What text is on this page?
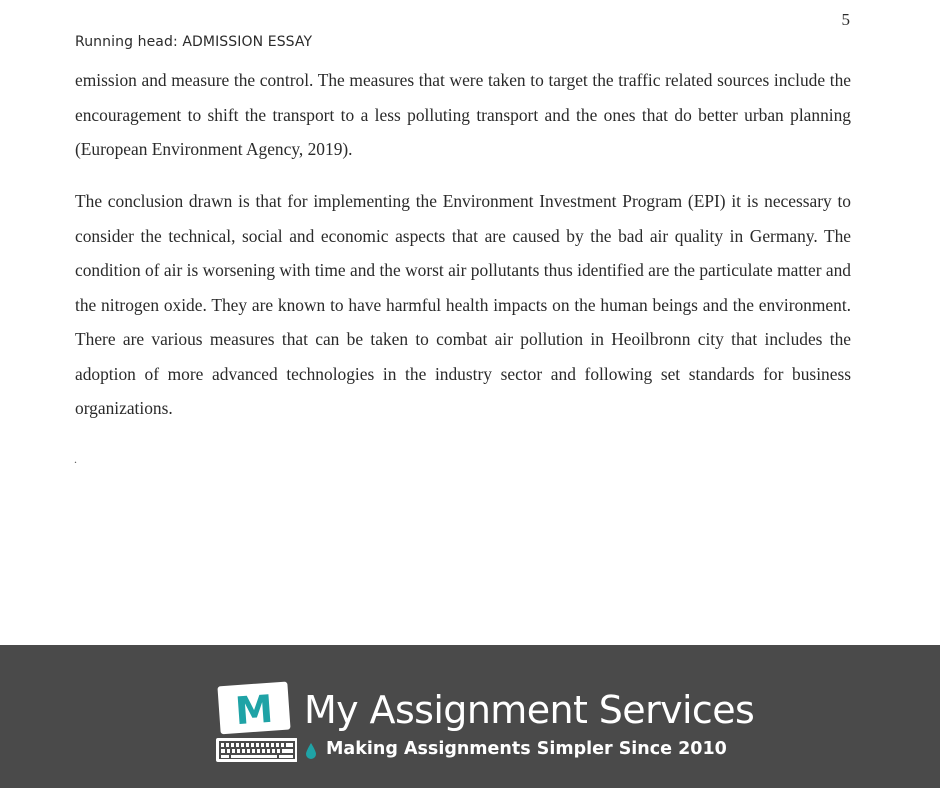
5
Running head: ADMISSION ESSAY

emission and measure the control. The measures that were taken to target the traffic related sources include the encouragement to shift the transport to a less polluting transport and the ones that do better urban planning (European Environment Agency, 2019).

The conclusion drawn is that for implementing the Environment Investment Program (EPI) it is necessary to consider the technical, social and economic aspects that are caused by the bad air quality in Germany. The condition of air is worsening with time and the worst air pollutants thus identified are the particulate matter and the nitrogen oxide. They are known to have harmful health impacts on the human beings and the environment. There are various measures that can be taken to combat air pollution in Heoilbronn city that includes the adoption of more advanced technologies in the industry sector and following set standards for business organizations.

.
M My Assignment Services
Making Assignments Simpler Since 2010
